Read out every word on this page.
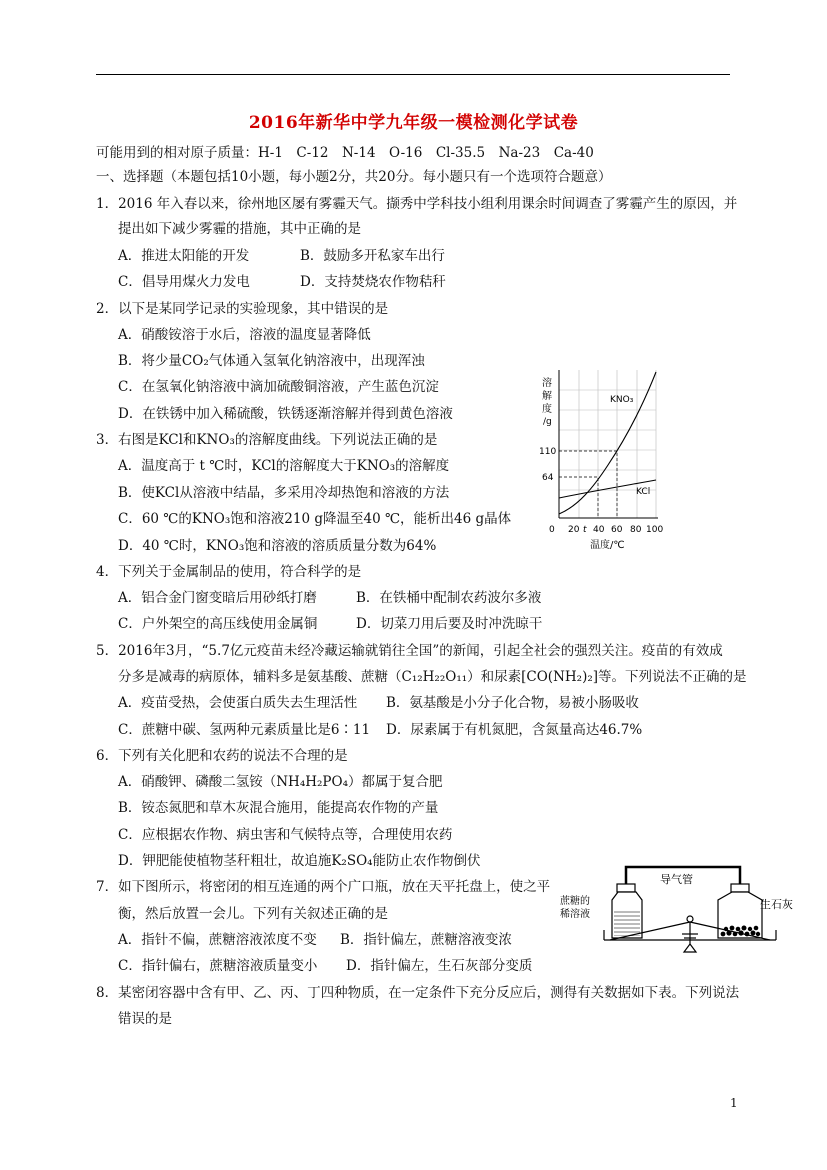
2016年新华中学九年级一模检测化学试卷
可能用到的相对原子质量：H-1　C-12　N-14　O-16　Cl-35.5　Na-23　Ca-40
一、选择题（本题包括10小题，每小题2分，共20分。每小题只有一个选项符合题意）
1．2016 年入春以来，徐州地区屡有雾霾天气。撷秀中学科技小组利用课余时间调查了雾霾产生的原因，并
提出如下减少雾霾的措施，其中正确的是
A．推进太阳能的开发	B．鼓励多开私家车出行
C．倡导用煤火力发电	D．支持焚烧农作物秸秆
2．以下是某同学记录的实验现象，其中错误的是
A．硝酸铵溶于水后，溶液的温度显著降低
B．将少量CO₂气体通入氢氧化钠溶液中，出现浑浊
C．在氢氧化钠溶液中滴加硫酸铜溶液，产生蓝色沉淀
D．在铁锈中加入稀硫酸，铁锈逐渐溶解并得到黄色溶液
3．右图是KCl和KNO₃的溶解度曲线。下列说法正确的是
A．温度高于 t ℃时，KCl的溶解度大于KNO₃的溶解度
B．使KCl从溶液中结晶，多采用冷却热饱和溶液的方法
C．60 ℃的KNO₃饱和溶液210 g降温至40 ℃，能析出46 g晶体
D．40 ℃时，KNO₃饱和溶液的溶质质量分数为64%
4．下列关于金属制品的使用，符合科学的是
A．铝合金门窗变暗后用砂纸打磨	B．在铁桶中配制农药波尔多液
C．户外架空的高压线使用金属铜	D．切菜刀用后要及时冲洗晾干
5．2016年3月，“5.7亿元疫苗未经冷藏运输就销往全国”的新闻，引起全社会的强烈关注。疫苗的有效成
分多是减毒的病原体，辅料多是氨基酸、蔗糖（C₁₂H₂₂O₁₁）和尿素[CO(NH₂)₂]等。下列说法不正确的是
A．疫苗受热，会使蛋白质失去生理活性 B．氨基酸是小分子化合物，易被小肠吸收
C．蔗糖中碳、氢两种元素质量比是6∶11 D．尿素属于有机氮肥，含氮量高达46.7%
6．下列有关化肥和农药的说法不合理的是
A．硝酸钾、磷酸二氢铵（NH₄H₂PO₄）都属于复合肥
B．铵态氮肥和草木灰混合施用，能提高农作物的产量
C．应根据农作物、病虫害和气候特点等，合理使用农药
D．钾肥能使植物茎秆粗壮，故追施K₂SO₄能防止农作物倒伏
7．如下图所示，将密闭的相互连通的两个广口瓶，放在天平托盘上，使之平
衡，然后放置一会儿。下列有关叙述正确的是
A．指针不偏，蔗糖溶液浓度不变 B．指针偏左，蔗糖溶液变浓
C．指针偏右，蔗糖溶液质量变小 D．指针偏左，生石灰部分变质
8．某密闭容器中含有甲、乙、丙、丁四种物质，在一定条件下充分反应后，测得有关数据如下表。下列说法
错误的是
溶
解
度
/g
KNO₃
KCl
110
64
0 20 t 40 60 80 100
温度/℃
导气管
蔗糖的
稀溶液
生石灰
1
